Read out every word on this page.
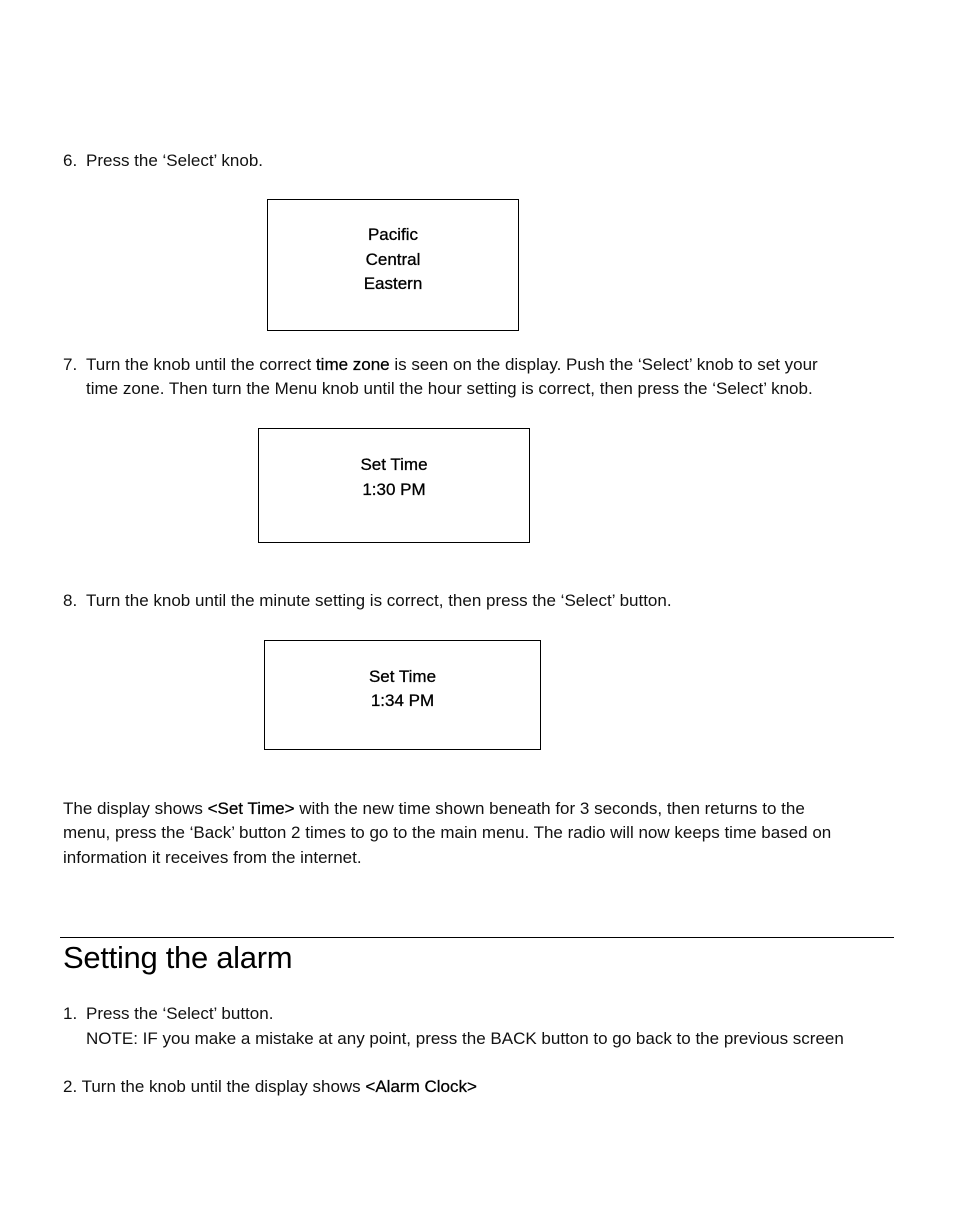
6. Press the ‘Select’ knob.
Pacific
Central
Eastern
7. Turn the knob until the correct time zone is seen on the display. Push the ‘Select’ knob to set your
time zone. Then turn the Menu knob until the hour setting is correct, then press the ‘Select’ knob.
Set Time
1:30 PM
8. Turn the knob until the minute setting is correct, then press the ‘Select’ button.
Set Time
1:34 PM
The display shows <Set Time> with the new time shown beneath for 3 seconds, then returns to the
menu, press the ‘Back’ button 2 times to go to the main menu. The radio will now keeps time based on
information it receives from the internet.
Setting the alarm
1. Press the ‘Select’ button.
NOTE: IF you make a mistake at any point, press the BACK button to go back to the previous screen
2. Turn the knob until the display shows <Alarm Clock>
